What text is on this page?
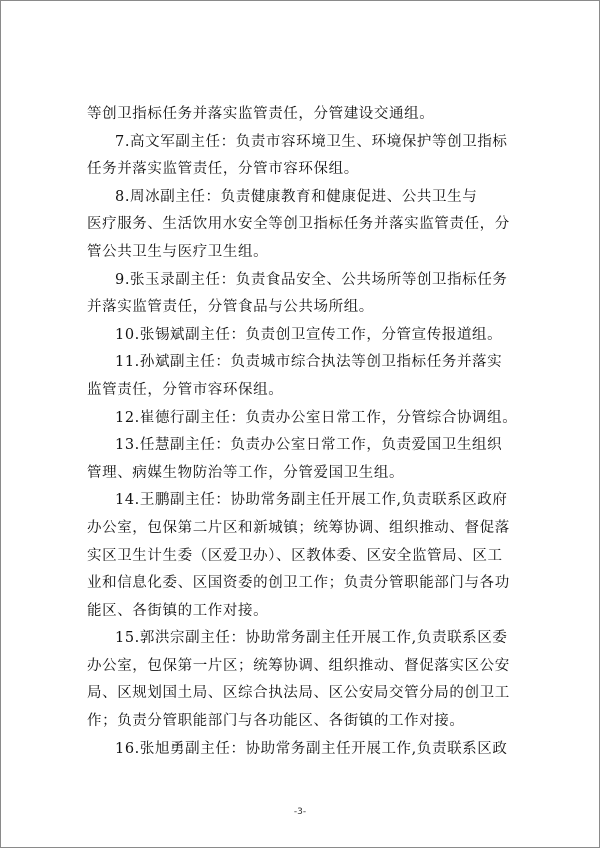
等创卫指标任务并落实监管责任，分管建设交通组。
7.高文军副主任：负责市容环境卫生、环境保护等创卫指标
任务并落实监管责任，分管市容环保组。
8.周冰副主任：负责健康教育和健康促进、公共卫生与
医疗服务、生活饮用水安全等创卫指标任务并落实监管责任，分
管公共卫生与医疗卫生组。
9.张玉录副主任：负责食品安全、公共场所等创卫指标任务
并落实监管责任，分管食品与公共场所组。
10.张锡斌副主任：负责创卫宣传工作，分管宣传报道组。
11.孙斌副主任：负责城市综合执法等创卫指标任务并落实
监管责任，分管市容环保组。
12.崔德行副主任：负责办公室日常工作，分管综合协调组。
13.任慧副主任：负责办公室日常工作，负责爱国卫生组织
管理、病媒生物防治等工作，分管爱国卫生组。
14.王鹏副主任：协助常务副主任开展工作,负责联系区政府
办公室，包保第二片区和新城镇；统筹协调、组织推动、督促落
实区卫生计生委（区爱卫办）、区教体委、区安全监管局、区工
业和信息化委、区国资委的创卫工作；负责分管职能部门与各功
能区、各街镇的工作对接。
15.郭洪宗副主任：协助常务副主任开展工作,负责联系区委
办公室，包保第一片区；统筹协调、组织推动、督促落实区公安
局、区规划国土局、区综合执法局、区公安局交管分局的创卫工
作；负责分管职能部门与各功能区、各街镇的工作对接。
16.张旭勇副主任：协助常务副主任开展工作,负责联系区政
-3-
